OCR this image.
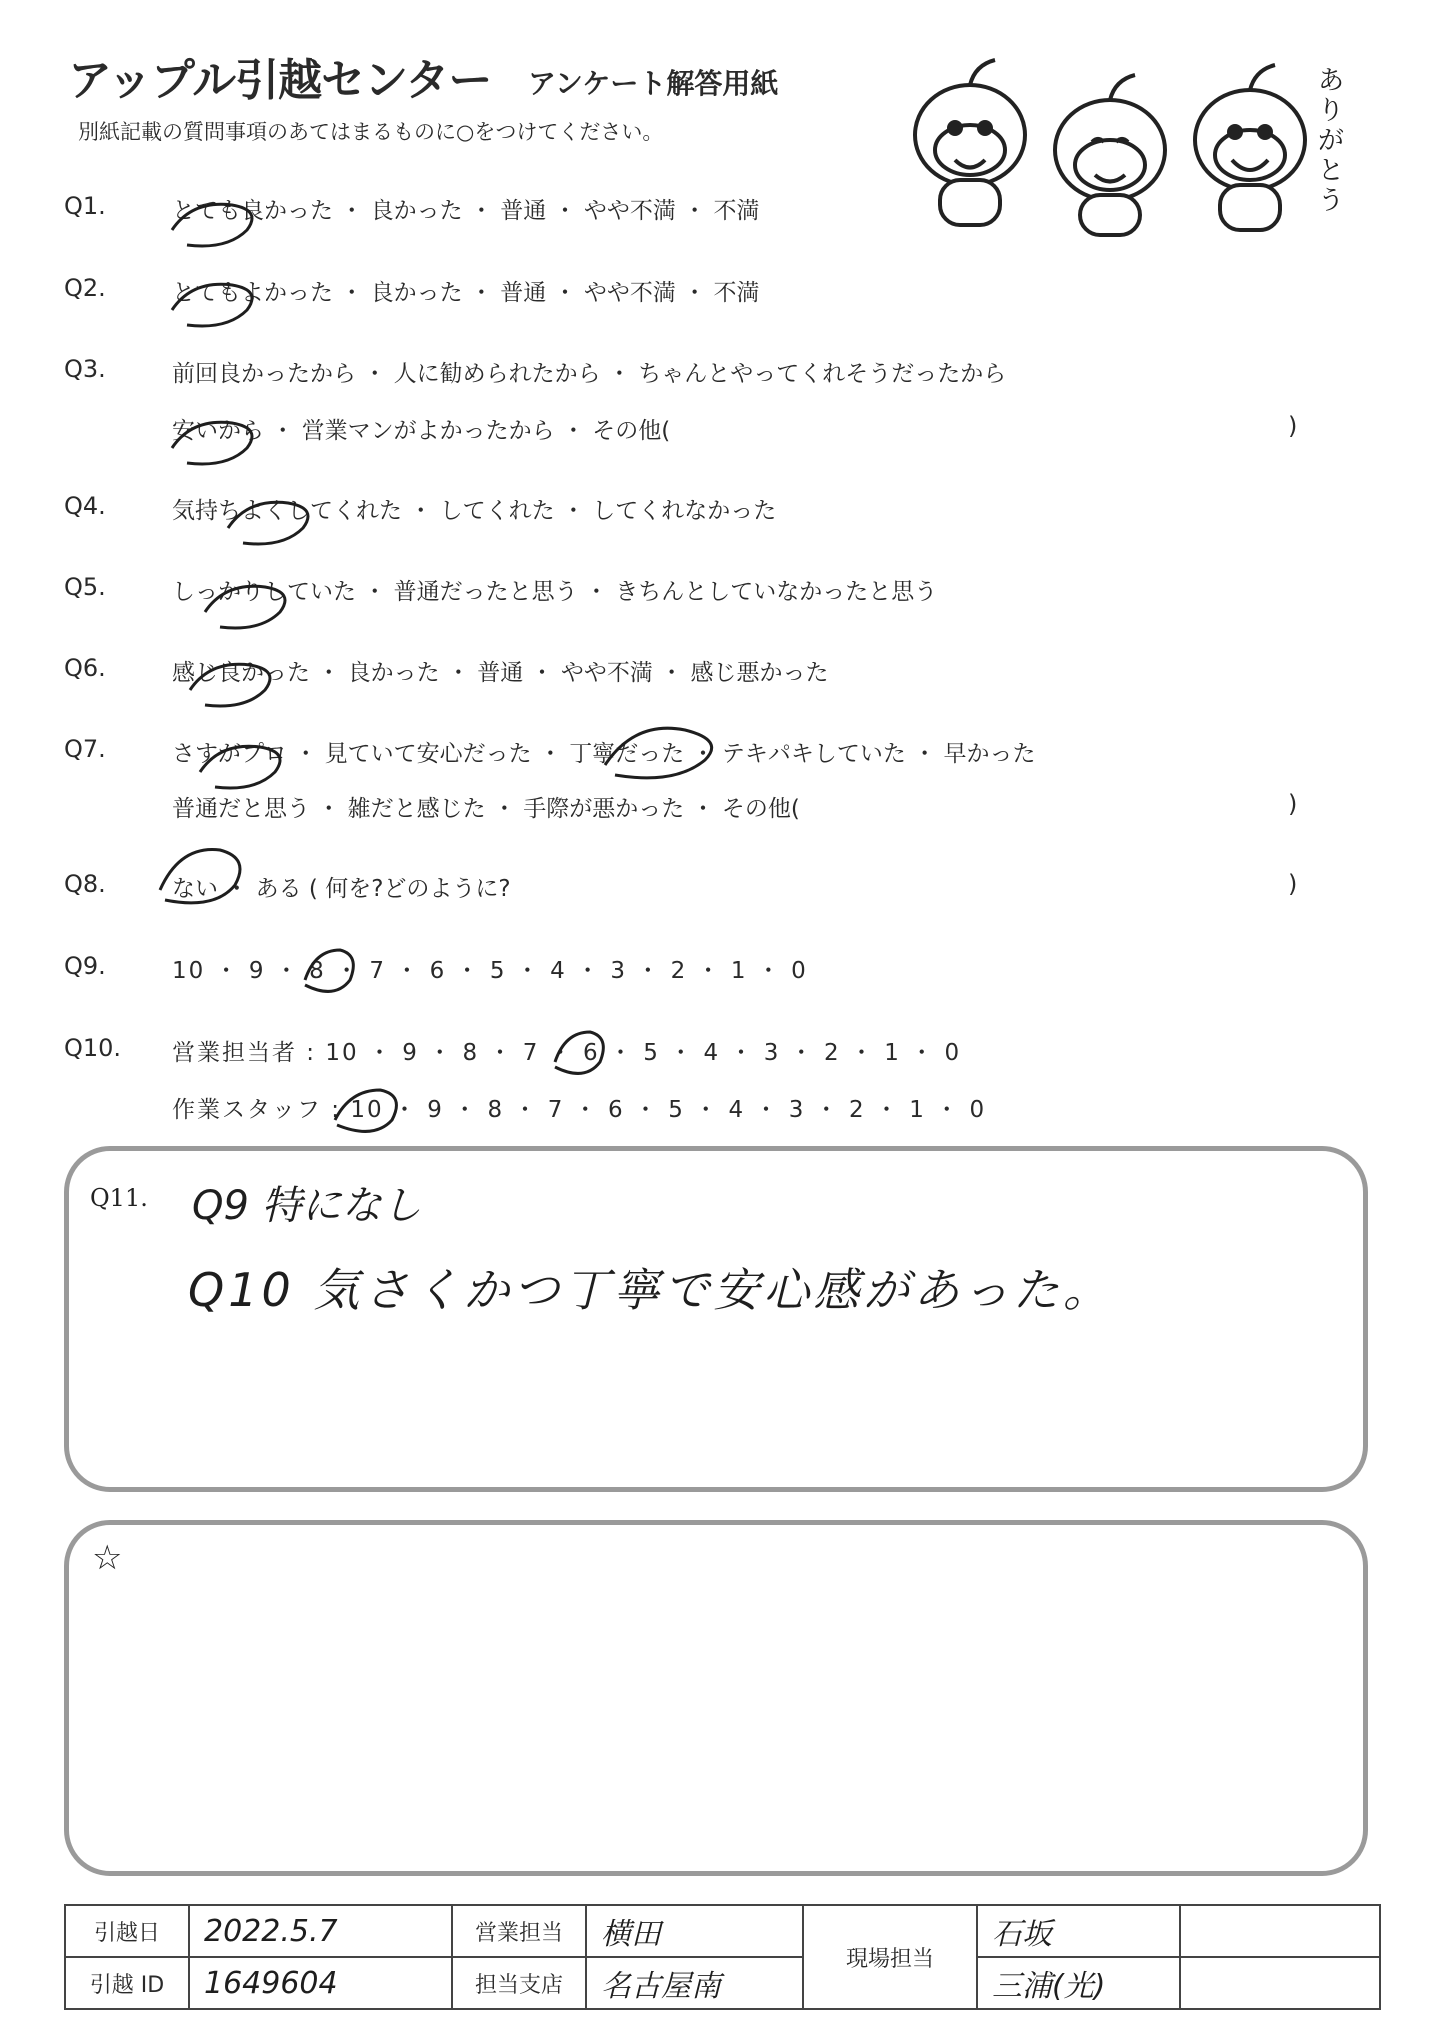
アップル引越センター アンケート解答用紙
別紙記載の質問事項のあてはまるものに○をつけてください。
ありがとう
Q1.	とても良かった ・ 良かった ・ 普通 ・ やや不満 ・ 不満
Q2.	とてもよかった ・ 良かった ・ 普通 ・ やや不満 ・ 不満
Q3.	前回良かったから ・ 人に勧められたから ・ ちゃんとやってくれそうだったから
安いから ・ 営業マンがよかったから ・ その他(	)
Q4.	気持ちよくしてくれた ・ してくれた ・ してくれなかった
Q5.	しっかりしていた ・ 普通だったと思う ・ きちんとしていなかったと思う
Q6.	感じ良かった ・ 良かった ・ 普通 ・ やや不満 ・ 感じ悪かった
Q7.	さすがプロ ・ 見ていて安心だった ・ 丁寧だった ・ テキパキしていた ・ 早かった
普通だと思う ・ 雑だと感じた ・ 手際が悪かった ・ その他(	)
Q8.	ない ・ ある ( 何を?どのように?	)
Q9.	10 ・ 9 ・ 8 ・ 7 ・ 6 ・ 5 ・ 4 ・ 3 ・ 2 ・ 1 ・ 0
Q10. 営業担当者 : 10 ・ 9 ・ 8 ・ 7 ・ 6 ・ 5 ・ 4 ・ 3 ・ 2 ・ 1 ・ 0
作業スタッフ : 10 ・ 9 ・ 8 ・ 7 ・ 6 ・ 5 ・ 4 ・ 3 ・ 2 ・ 1 ・ 0
Q11. Q9 特になし
Q10 気さくかつ丁寧で安心感があった。
☆
引越日	2022.5.7	営業担当	横田	現場担当	石坂	
引越 ID	1649604	担当支店	名古屋南		三浦(光)	
